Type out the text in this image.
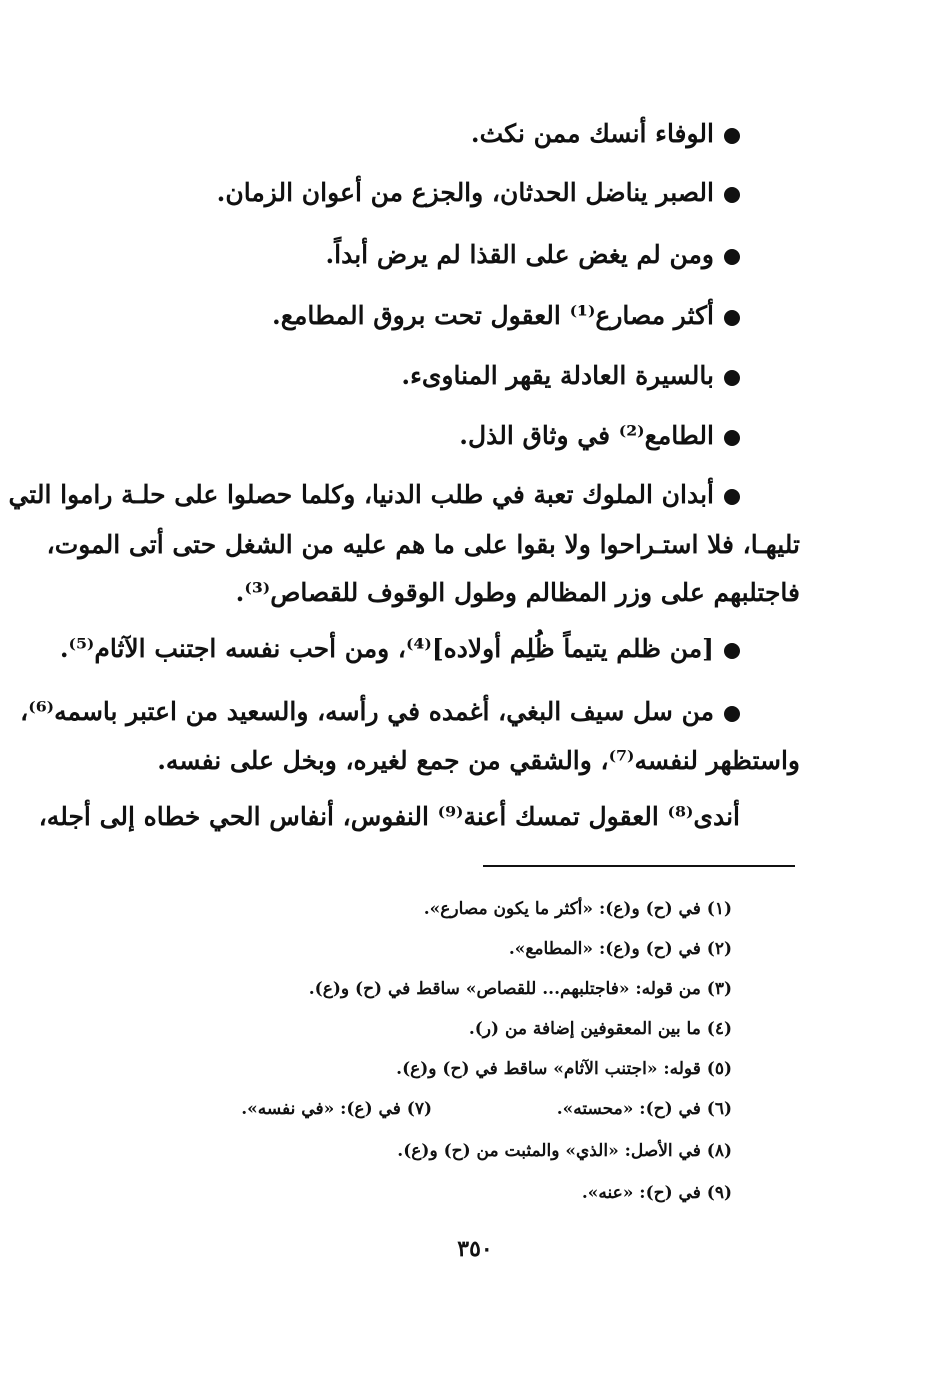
الوفاء أنسك ممن نكث.
الصبر يناضل الحدثان، والجزع من أعوان الزمان.
ومن لم يغض على القذا لم يرض أبداً.
أكثر مصارع⁽¹⁾ العقول تحت بروق المطامع.
بالسيرة العادلة يقهر المناوىء.
الطامع⁽²⁾ في وثاق الذل.
أبدان الملوك تعبة في طلب الدنيا، وكلما حصلوا على حلـة راموا التي
تليهـا، فلا استـراحوا ولا بقوا على ما هم عليه من الشغل حتى أتى الموت،
فاجتلبهم على وزر المظالم وطول الوقوف للقصاص⁽³⁾.
[من ظلم يتيماً ظُلِم أولاده]⁽⁴⁾، ومن أحب نفسه اجتنب الآثام⁽⁵⁾.
من سل سيف البغي، أغمده في رأسه، والسعيد من اعتبر باسمه⁽⁶⁾،
واستظهر لنفسه⁽⁷⁾، والشقي من جمع لغيره، وبخل على نفسه.
أندى⁽⁸⁾ العقول تمسك أعنة⁽⁹⁾ النفوس، أنفاس الحي خطاه إلى أجله،
(١) في (ح) و(ع): «أكثر ما يكون مصارع».
(٢) في (ح) و(ع): «المطامع».
(٣) من قوله: «فاجتلبهم... للقصاص» ساقط في (ح) و(ع).
(٤) ما بين المعقوفين إضافة من (ر).
(٥) قوله: «اجتنب الآثام» ساقط في (ح) و(ع).
(٦) في (ح): «محسته».
(٧) في (ع): «في نفسه».
(٨) في الأصل: «الذي» والمثبت من (ح) و(ع).
(٩) في (ح): «عنه».
٣٥٠
